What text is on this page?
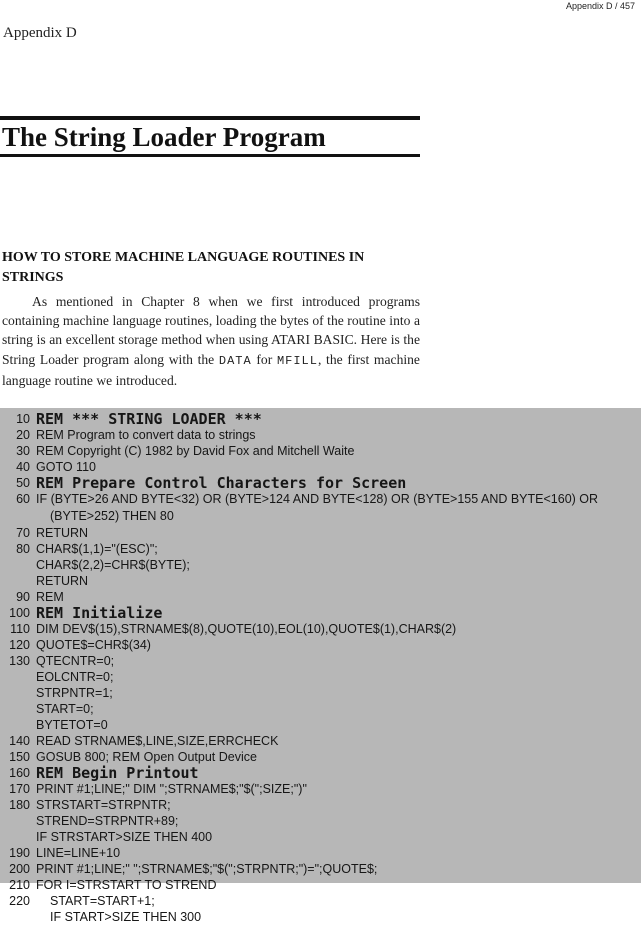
Appendix D / 457
Appendix D
The String Loader Program
HOW TO STORE MACHINE LANGUAGE ROUTINES IN STRINGS

As mentioned in Chapter 8 when we first introduced programs containing machine language routines, loading the bytes of the routine into a string is an excellent storage method when using ATARI BASIC. Here is the String Loader program along with the DATA for MFILL, the first machine language routine we introduced.

10 REM *** STRING LOADER ***
20 REM Program to convert data to strings
30 REM Copyright (C) 1982 by David Fox and Mitchell Waite
40 GOTO 110
50 REM Prepare Control Characters for Screen
60 IF (BYTE>26 AND BYTE<32) OR (BYTE>124 AND BYTE<128) OR (BYTE>155 AND BYTE<160) OR
(BYTE>252) THEN 80
70 RETURN
80 CHAR$(1,1)="(ESC)";
CHAR$(2,2)=CHR$(BYTE);
RETURN
90 REM
100 REM Initialize
110 DIM DEV$(15),STRNAME$(8),QUOTE(10),EOL(10),QUOTE$(1),CHAR$(2)
120 QUOTE$=CHR$(34)
130 QTECNTR=0;
EOLCNTR=0;
STRPNTR=1;
START=0;
BYTETOT=0
140 READ STRNAME$,LINE,SIZE,ERRCHECK
150 GOSUB 800; REM Open Output Device
160 REM Begin Printout
170 PRINT #1;LINE;" DIM ";STRNAME$;"$(";SIZE;")"
180 STRSTART=STRPNTR;
STREND=STRPNTR+89;
IF STRSTART>SIZE THEN 400
190 LINE=LINE+10
200 PRINT #1;LINE;" ";STRNAME$;"$(";STRPNTR;")=";QUOTE$;
210 FOR I=STRSTART TO STREND
220 START=START+1;
IF START>SIZE THEN 300
